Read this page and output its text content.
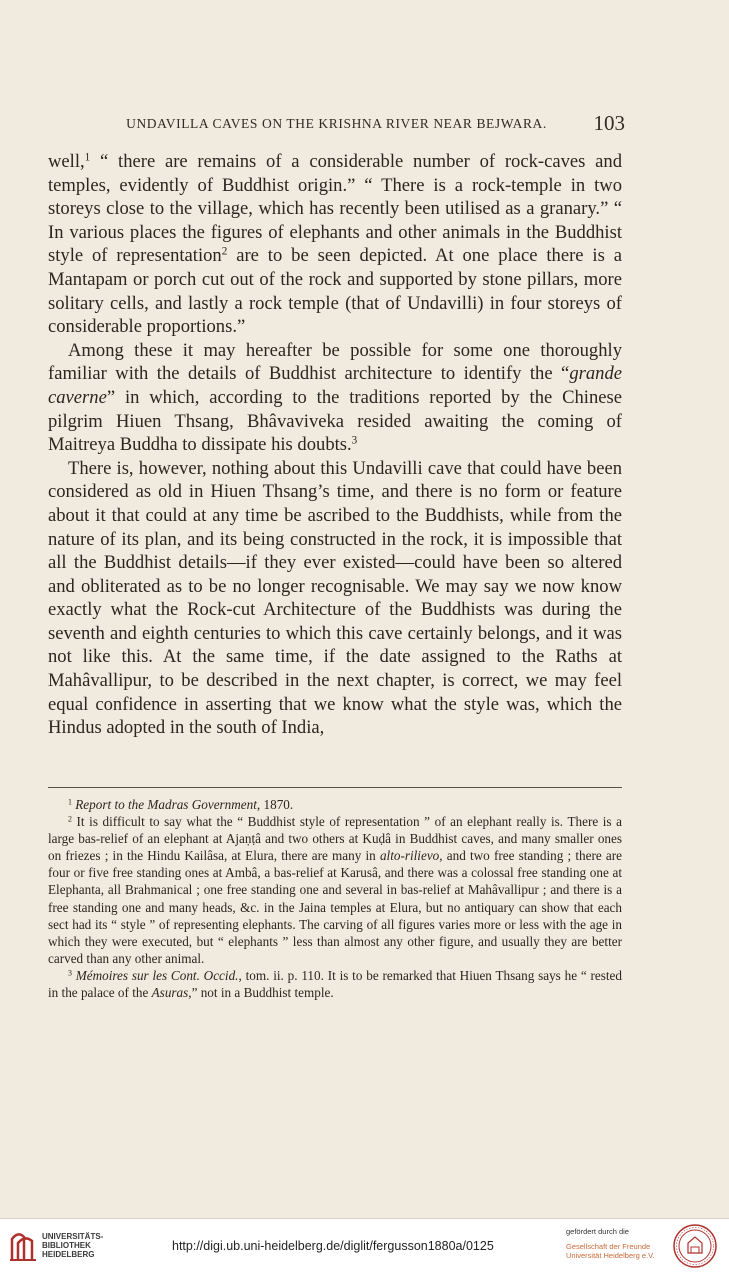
UNDAVILLA CAVES ON THE KRISHNA RIVER NEAR BEJWARA.	103

well,$^1$ “ there are remains of a considerable number of rock-caves and temples, evidently of Buddhist origin.” “ There is a rock-temple in two storeys close to the village, which has recently been utilised as a granary.” “ In various places the figures of elephants and other animals in the Buddhist style of representation$^2$ are to be seen depicted. At one place there is a Mantapam or porch cut out of the rock and supported by stone pillars, more solitary cells, and lastly a rock temple (that of Undavilli) in four storeys of considerable proportions.”

Among these it may hereafter be possible for some one thoroughly familiar with the details of Buddhist architecture to identify the “grande caverne” in which, according to the traditions reported by the Chinese pilgrim Hiuen Thsang, Bhâvaviveka resided awaiting the coming of Maitreya Buddha to dissipate his doubts.$^3$

There is, however, nothing about this Undavilli cave that could have been considered as old in Hiuen Thsang’s time, and there is no form or feature about it that could at any time be ascribed to the Buddhists, while from the nature of its plan, and its being constructed in the rock, it is impossible that all the Buddhist details—if they ever existed—could have been so altered and obliterated as to be no longer recognisable. We may say we now know exactly what the Rock-cut Architecture of the Buddhists was during the seventh and eighth centuries to which this cave certainly belongs, and it was not like this. At the same time, if the date assigned to the Raths at Mahâvallipur, to be described in the next chapter, is correct, we may feel equal confidence in asserting that we know what the style was, which the Hindus adopted in the south of India,

$^1$ Report to the Madras Government, 1870.

$^2$ It is difficult to say what the “ Buddhist style of representation ” of an elephant really is. There is a large bas-relief of an elephant at Ajaṇṭâ and two others at Kuḍâ in Buddhist caves, and many smaller ones on friezes ; in the Hindu Kailâsa, at Elura, there are many in alto-rilievo, and two free standing ; there are four or five free standing ones at Ambâ, a bas-relief at Karusâ, and there was a colossal free standing one at Elephanta, all Brahmanical ; one free standing one and several in bas-relief at Mahâvallipur ; and there is a free standing one and many heads, &c. in the Jaina temples at Elura, but no antiquary can show that each sect had its “ style ” of representing elephants. The carving of all figures varies more or less with the age in which they were executed, but “ elephants ” less than almost any other figure, and usually they are better carved than any other animal.

$^3$ Mémoires sur les Cont. Occid., tom. ii. p. 110. It is to be remarked that Hiuen Thsang says he “ rested in the palace of the Asuras,” not in a Buddhist temple.

UNIVERSITÄTS-
BIBLIOTHEK
HEIDELBERG
http://digi.ub.uni-heidelberg.de/diglit/fergusson1880a/0125
gefördert durch die
Gesellschaft der Freunde
Universität Heidelberg e.V.
